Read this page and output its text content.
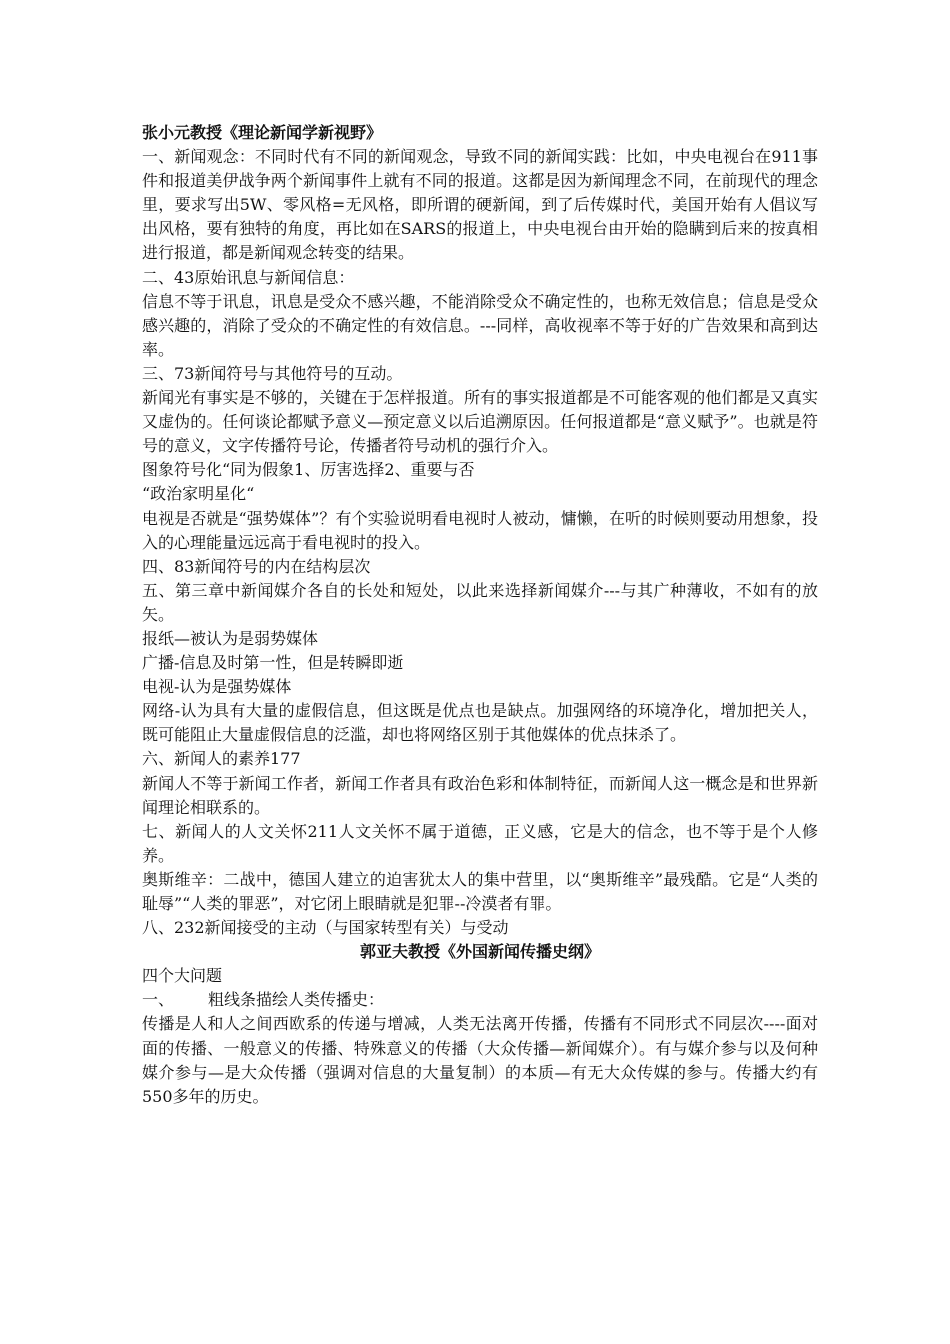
张小元教授《理论新闻学新视野》

一、新闻观念：不同时代有不同的新闻观念，导致不同的新闻实践：比如，中央电视台在911事件和报道美伊战争两个新闻事件上就有不同的报道。这都是因为新闻理念不同，在前现代的理念里，要求写出5W、零风格=无风格，即所谓的硬新闻，到了后传媒时代，美国开始有人倡议写出风格，要有独特的角度，再比如在SARS的报道上，中央电视台由开始的隐瞒到后来的按真相进行报道，都是新闻观念转变的结果。

二、43原始讯息与新闻信息：

信息不等于讯息，讯息是受众不感兴趣，不能消除受众不确定性的，也称无效信息；信息是受众感兴趣的，消除了受众的不确定性的有效信息。---同样，高收视率不等于好的广告效果和高到达率。

三、73新闻符号与其他符号的互动。

新闻光有事实是不够的，关键在于怎样报道。所有的事实报道都是不可能客观的他们都是又真实又虚伪的。任何谈论都赋予意义—预定意义以后追溯原因。任何报道都是“意义赋予”。也就是符号的意义，文字传播符号论，传播者符号动机的强行介入。

图象符号化“同为假象1、厉害选择2、重要与否

“政治家明星化“

电视是否就是“强势媒体”？有个实验说明看电视时人被动，慵懒，在听的时候则要动用想象，投入的心理能量远远高于看电视时的投入。

四、83新闻符号的内在结构层次

五、第三章中新闻媒介各自的长处和短处，以此来选择新闻媒介---与其广种薄收，不如有的放矢。

报纸—被认为是弱势媒体

广播-信息及时第一性，但是转瞬即逝

电视-认为是强势媒体

网络-认为具有大量的虚假信息，但这既是优点也是缺点。加强网络的环境净化，增加把关人，既可能阻止大量虚假信息的泛滥，却也将网络区别于其他媒体的优点抹杀了。

六、新闻人的素养177

新闻人不等于新闻工作者，新闻工作者具有政治色彩和体制特征，而新闻人这一概念是和世界新闻理论相联系的。

七、新闻人的人文关怀211人文关怀不属于道德，正义感，它是大的信念，也不等于是个人修养。

奥斯维辛：二战中，德国人建立的迫害犹太人的集中营里，以“奥斯维辛”最残酷。它是“人类的耻辱”“人类的罪恶”，对它闭上眼睛就是犯罪--冷漠者有罪。

八、232新闻接受的主动（与国家转型有关）与受动

郭亚夫教授《外国新闻传播史纲》

四个大问题

一、 粗线条描绘人类传播史：

传播是人和人之间西欧系的传递与增减，人类无法离开传播，传播有不同形式不同层次----面对面的传播、一般意义的传播、特殊意义的传播（大众传播—新闻媒介）。有与媒介参与以及何种媒介参与—是大众传播（强调对信息的大量复制）的本质—有无大众传媒的参与。传播大约有550多年的历史。
